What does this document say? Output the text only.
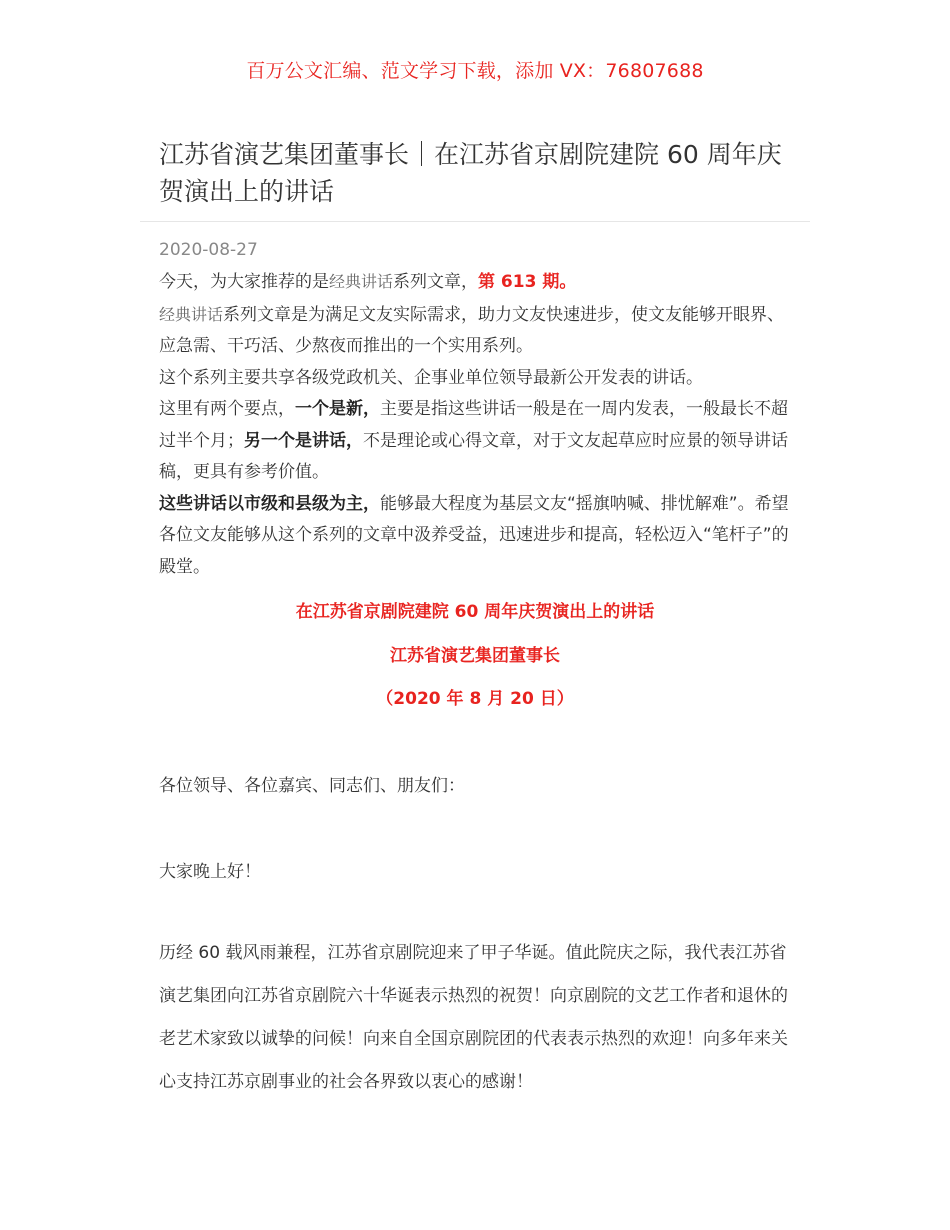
百万公文汇编、范文学习下载，添加 VX：76807688
江苏省演艺集团董事长｜在江苏省京剧院建院 60 周年庆贺演出上的讲话
2020-08-27

今天，为大家推荐的是经典讲话系列文章，第 613 期。

经典讲话系列文章是为满足文友实际需求，助力文友快速进步，使文友能够开眼界、应急需、干巧活、少熬夜而推出的一个实用系列。

这个系列主要共享各级党政机关、企事业单位领导最新公开发表的讲话。

这里有两个要点，一个是新，主要是指这些讲话一般是在一周内发表，一般最长不超过半个月；另一个是讲话，不是理论或心得文章，对于文友起草应时应景的领导讲话稿，更具有参考价值。

这些讲话以市级和县级为主，能够最大程度为基层文友“摇旗呐喊、排忧解难”。希望各位文友能够从这个系列的文章中汲养受益，迅速进步和提高，轻松迈入“笔杆子”的殿堂。

在江苏省京剧院建院 60 周年庆贺演出上的讲话
江苏省演艺集团董事长
（2020 年 8 月 20 日）

各位领导、各位嘉宾、同志们、朋友们：

大家晚上好！

历经 60 载风雨兼程，江苏省京剧院迎来了甲子华诞。值此院庆之际，我代表江苏省演艺集团向江苏省京剧院六十华诞表示热烈的祝贺！向京剧院的文艺工作者和退休的老艺术家致以诚挚的问候！向来自全国京剧院团的代表表示热烈的欢迎！向多年来关心支持江苏京剧事业的社会各界致以衷心的感谢！
